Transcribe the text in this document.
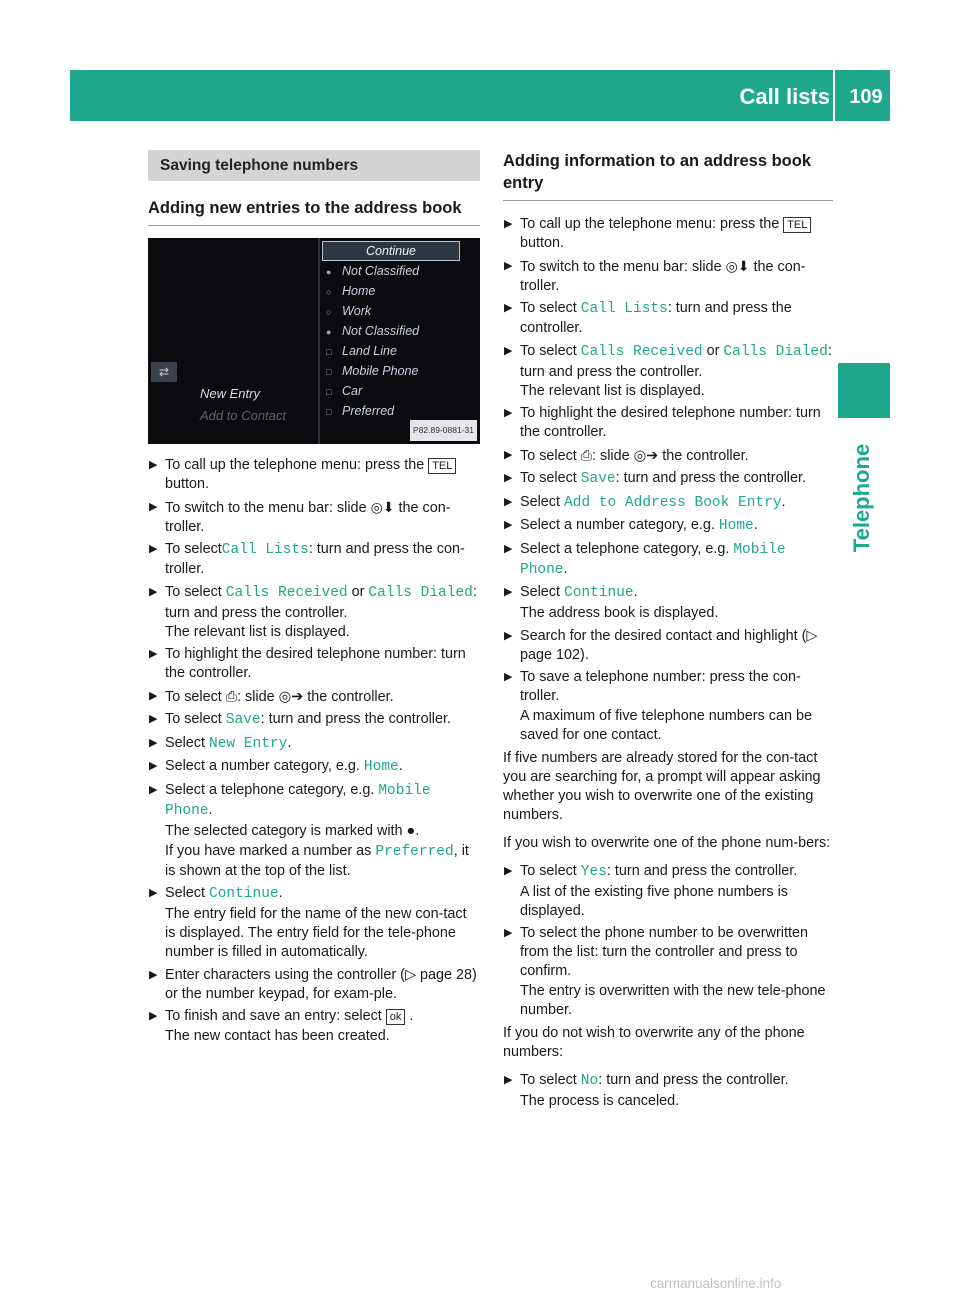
Call lists 109
Telephone
Saving telephone numbers
Adding new entries to the address book
⇄
New Entry
Add to Contact
Continue
● Not Classified
○ Home
○ Work
● Not Classified
□ Land Line
□ Mobile Phone
□ Car
□ Preferred
P82.89-0881-31
▶ To call up the telephone menu: press the TEL button.
▶ To switch to the menu bar: slide ◎⬇ the con-troller.
▶ To selectCall Lists: turn and press the con-troller.
▶ To select Calls Received or Calls Dialed:
turn and press the controller.
The relevant list is displayed.
▶ To highlight the desired telephone number: turn the controller.
▶ To select ⎙: slide ◎➔ the controller.
▶ To select Save: turn and press the controller.
▶ Select New Entry.
▶ Select a number category, e.g. Home.
▶ Select a telephone category, e.g. Mobile Phone.
The selected category is marked with ●.
If you have marked a number as Preferred, it is shown at the top of the list.
▶ Select Continue.
The entry field for the name of the new con-tact is displayed. The entry field for the tele-phone number is filled in automatically.
▶ Enter characters using the controller (▷ page 28) or the number keypad, for exam-ple.
▶ To finish and save an entry: select ok .
The new contact has been created.
Adding information to an address book entry
▶ To call up the telephone menu: press the TEL button.
▶ To switch to the menu bar: slide ◎⬇ the con-troller.
▶ To select Call Lists: turn and press the controller.
▶ To select Calls Received or Calls Dialed:
turn and press the controller.
The relevant list is displayed.
▶ To highlight the desired telephone number: turn the controller.
▶ To select ⎙: slide ◎➔ the controller.
▶ To select Save: turn and press the controller.
▶ Select Add to Address Book Entry.
▶ Select a number category, e.g. Home.
▶ Select a telephone category, e.g. Mobile Phone.
▶ Select Continue.
The address book is displayed.
▶ Search for the desired contact and highlight (▷ page 102).
▶ To save a telephone number: press the con-troller.
A maximum of five telephone numbers can be saved for one contact.

If five numbers are already stored for the con-tact you are searching for, a prompt will appear asking whether you wish to overwrite one of the existing numbers.

If you wish to overwrite one of the phone num-bers:

▶ To select Yes: turn and press the controller.
A list of the existing five phone numbers is displayed.
▶ To select the phone number to be overwritten from the list: turn the controller and press to confirm.
The entry is overwritten with the new tele-phone number.

If you do not wish to overwrite any of the phone numbers:

▶ To select No: turn and press the controller.
The process is canceled.
carmanualsonline.info
